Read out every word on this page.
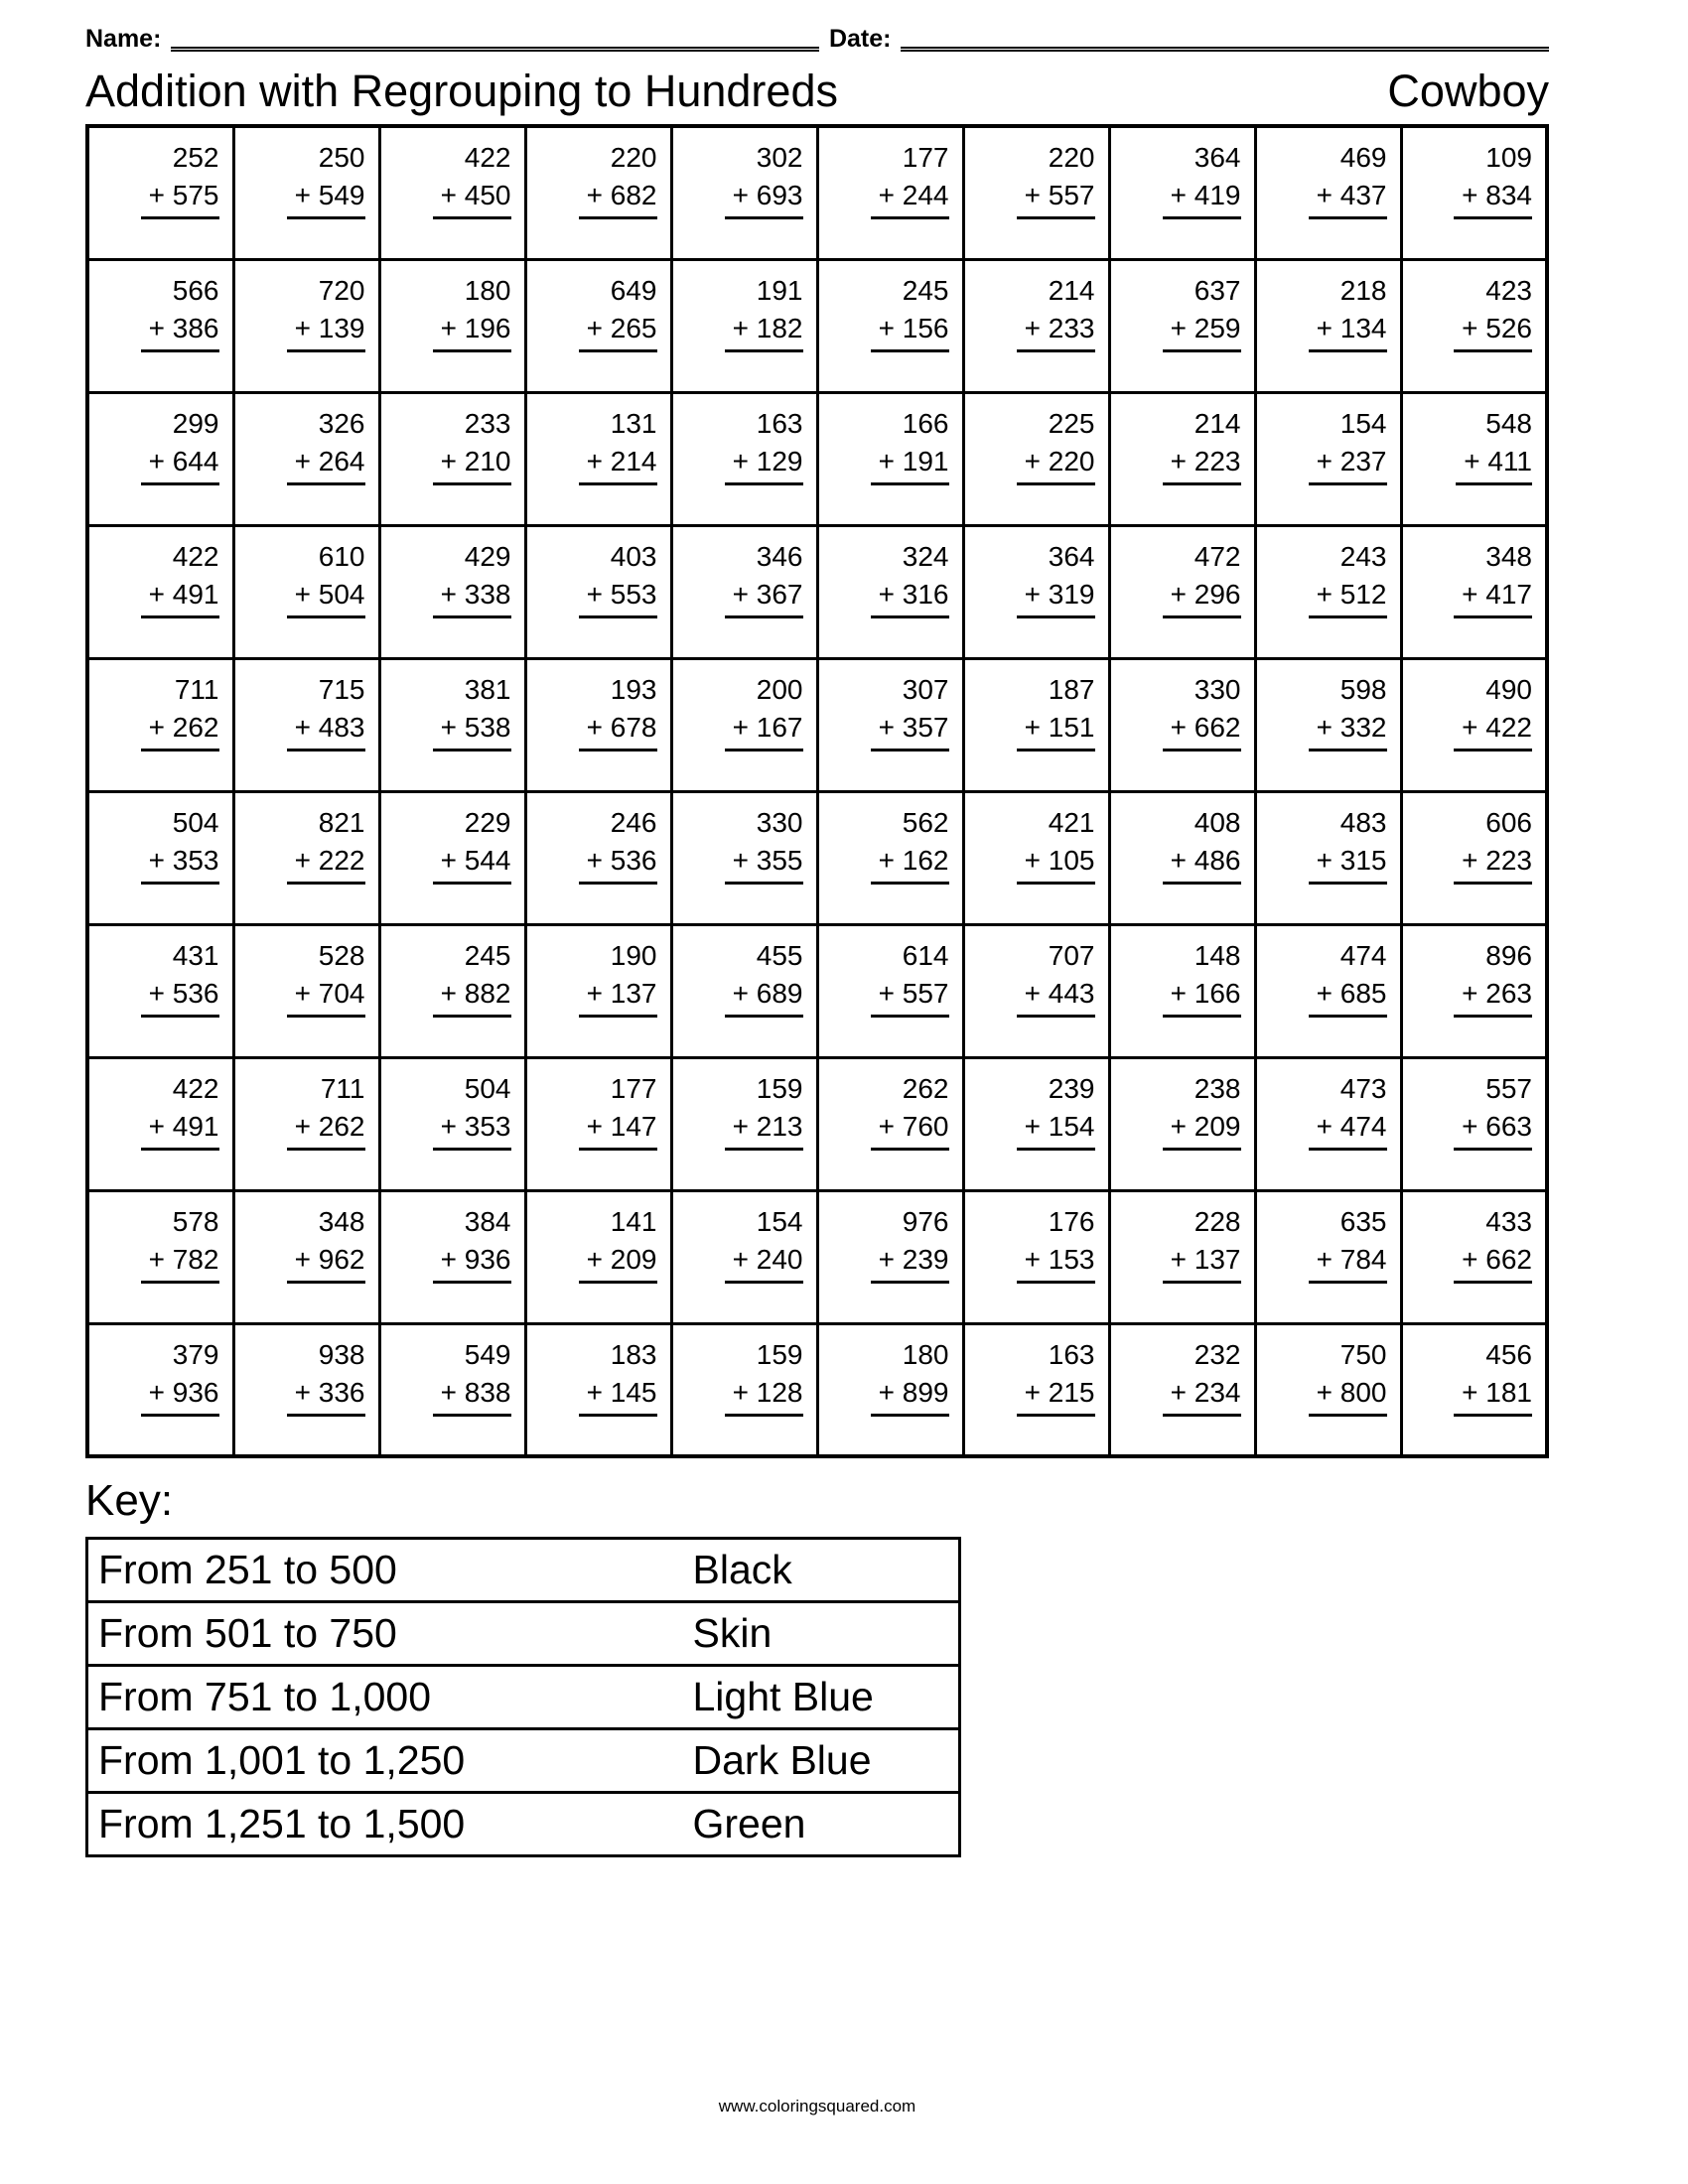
Name:	Date:
Addition with Regrouping to Hundreds	Cowboy
252
+ 575	
250
+ 549	
422
+ 450	
220
+ 682	
302
+ 693	
177
+ 244	
220
+ 557	
364
+ 419	
469
+ 437	
109
+ 834

566
+ 386	
720
+ 139	
180
+ 196	
649
+ 265	
191
+ 182	
245
+ 156	
214
+ 233	
637
+ 259	
218
+ 134	
423
+ 526

299
+ 644	
326
+ 264	
233
+ 210	
131
+ 214	
163
+ 129	
166
+ 191	
225
+ 220	
214
+ 223	
154
+ 237	
548
+ 411

422
+ 491	
610
+ 504	
429
+ 338	
403
+ 553	
346
+ 367	
324
+ 316	
364
+ 319	
472
+ 296	
243
+ 512	
348
+ 417

711
+ 262	
715
+ 483	
381
+ 538	
193
+ 678	
200
+ 167	
307
+ 357	
187
+ 151	
330
+ 662	
598
+ 332	
490
+ 422

504
+ 353	
821
+ 222	
229
+ 544	
246
+ 536	
330
+ 355	
562
+ 162	
421
+ 105	
408
+ 486	
483
+ 315	
606
+ 223

431
+ 536	
528
+ 704	
245
+ 882	
190
+ 137	
455
+ 689	
614
+ 557	
707
+ 443	
148
+ 166	
474
+ 685	
896
+ 263

422
+ 491	
711
+ 262	
504
+ 353	
177
+ 147	
159
+ 213	
262
+ 760	
239
+ 154	
238
+ 209	
473
+ 474	
557
+ 663

578
+ 782	
348
+ 962	
384
+ 936	
141
+ 209	
154
+ 240	
976
+ 239	
176
+ 153	
228
+ 137	
635
+ 784	
433
+ 662

379
+ 936	
938
+ 336	
549
+ 838	
183
+ 145	
159
+ 128	
180
+ 899	
163
+ 215	
232
+ 234	
750
+ 800	
456
+ 181
Key:
From 251 to 500	Black
From 501 to 750	Skin
From 751 to 1,000	Light Blue
From 1,001 to 1,250	Dark Blue
From 1,251 to 1,500	Green
www.coloringsquared.com
